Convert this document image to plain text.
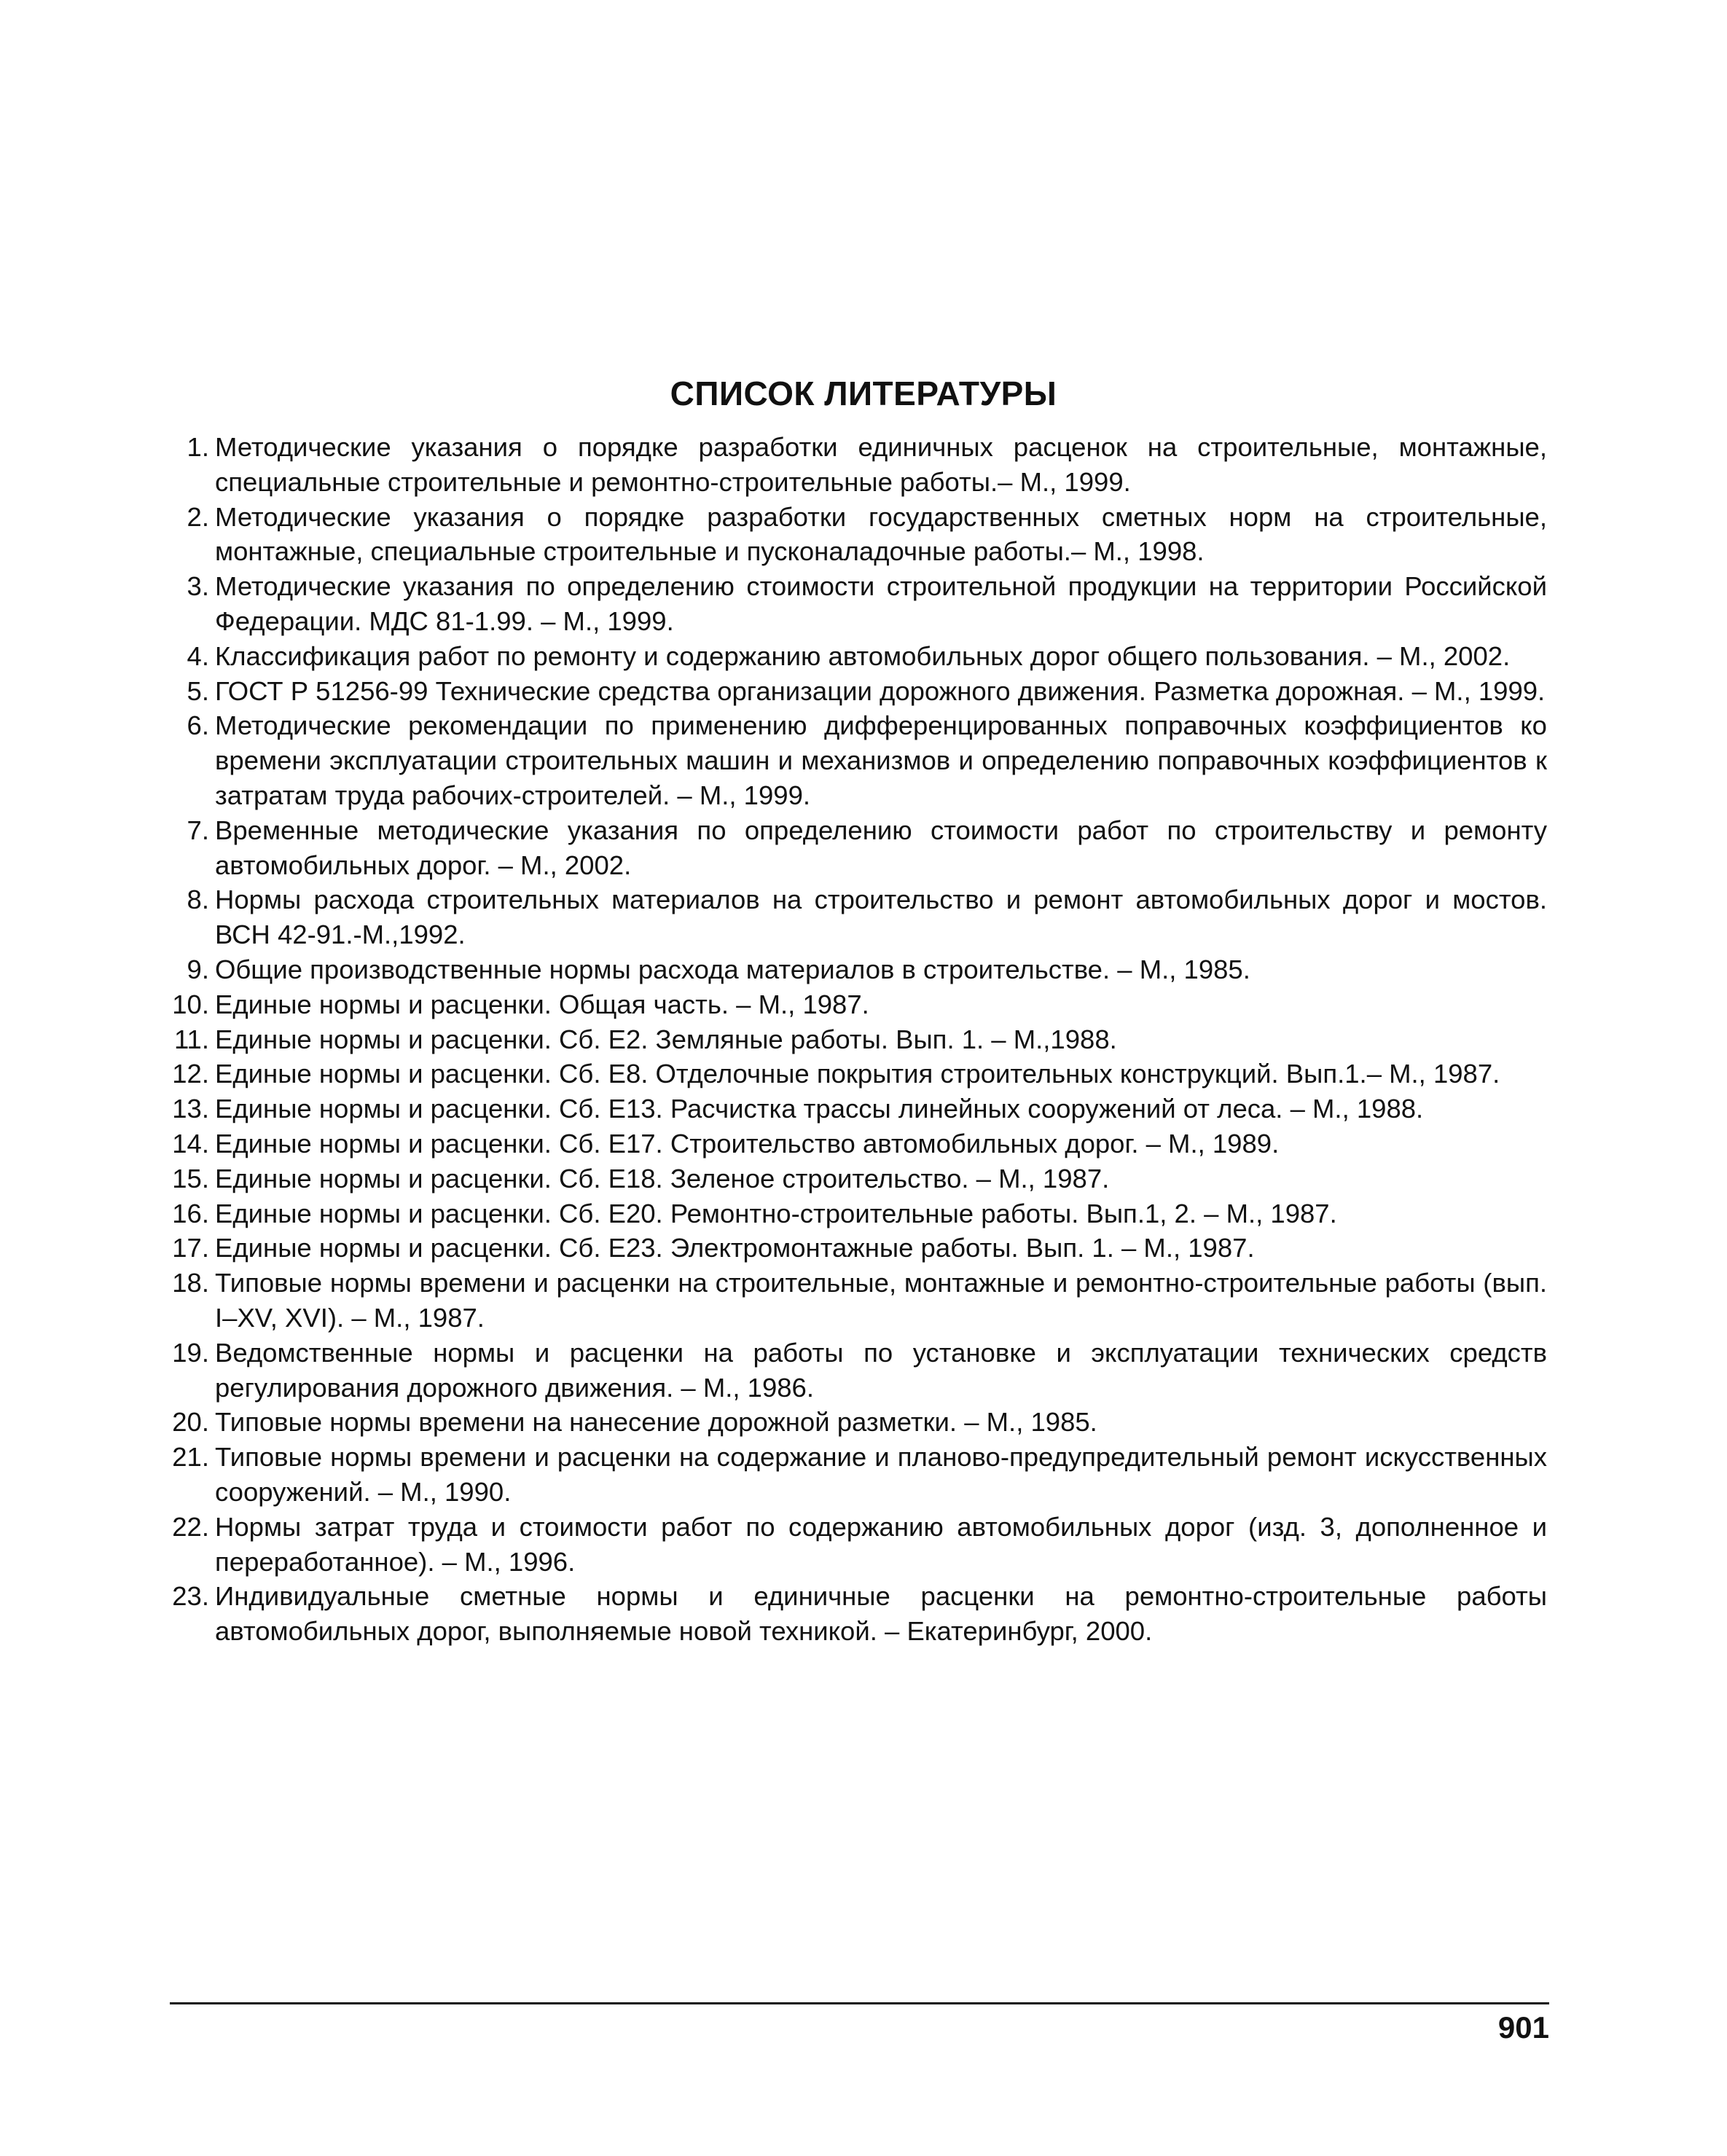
СПИСОК ЛИТЕРАТУРЫ
1. Методические указания о порядке разработки единичных расценок на строительные, монтажные, специальные строительные и ремонтно-строительные работы.– М., 1999.
2. Методические указания о порядке разработки государственных сметных норм на строительные, монтажные, специальные строительные и пусконаладочные работы.– М., 1998.
3. Методические указания по определению стоимости строительной продукции на территории Российской Федерации. МДС 81-1.99. – М., 1999.
4. Классификация работ по ремонту и содержанию автомобильных дорог общего пользования. – М., 2002.
5. ГОСТ Р 51256-99 Технические средства организации дорожного движения. Разметка дорожная. – М., 1999.
6. Методические рекомендации по применению дифференцированных поправочных коэффициентов ко времени эксплуатации строительных машин и механизмов и определению поправочных коэффициентов к затратам труда рабочих-строителей. – М., 1999.
7. Временные методические указания по определению стоимости работ по строительству и ремонту автомобильных дорог. – М., 2002.
8. Нормы расхода строительных материалов на строительство и ремонт автомобильных дорог и мостов. ВСН 42-91.-М.,1992.
9. Общие производственные нормы расхода материалов в строительстве. – М., 1985.
10. Единые нормы и расценки. Общая часть. – М., 1987.
11. Единые нормы и расценки. Сб. Е2. Земляные работы. Вып. 1. – М.,1988.
12. Единые нормы и расценки. Сб. Е8. Отделочные покрытия строительных конструкций. Вып.1.– М., 1987.
13. Единые нормы и расценки. Сб. Е13. Расчистка трассы линейных сооружений от леса. – М., 1988.
14. Единые нормы и расценки. Сб. Е17. Строительство автомобильных дорог. – М., 1989.
15. Единые нормы и расценки. Сб. Е18. Зеленое строительство. – М., 1987.
16. Единые нормы и расценки. Сб. Е20. Ремонтно-строительные работы. Вып.1, 2. – М., 1987.
17. Единые нормы и расценки. Сб. Е23. Электромонтажные работы. Вып. 1. – М., 1987.
18. Типовые нормы времени и расценки на строительные, монтажные и ремонтно-строительные работы (вып. I–XV, XVI). – М., 1987.
19. Ведомственные нормы и расценки на работы по установке и эксплуатации технических средств регулирования дорожного движения. – М., 1986.
20. Типовые нормы времени на нанесение дорожной разметки. – М., 1985.
21. Типовые нормы времени и расценки на содержание и планово-предупредительный ремонт искусственных сооружений. – М., 1990.
22. Нормы затрат труда и стоимости работ по содержанию автомобильных дорог (изд. 3, дополненное и переработанное). – М., 1996.
23. Индивидуальные сметные нормы и единичные расценки на ремонтно-строительные работы автомобильных дорог, выполняемые новой техникой. – Екатеринбург, 2000.
901
